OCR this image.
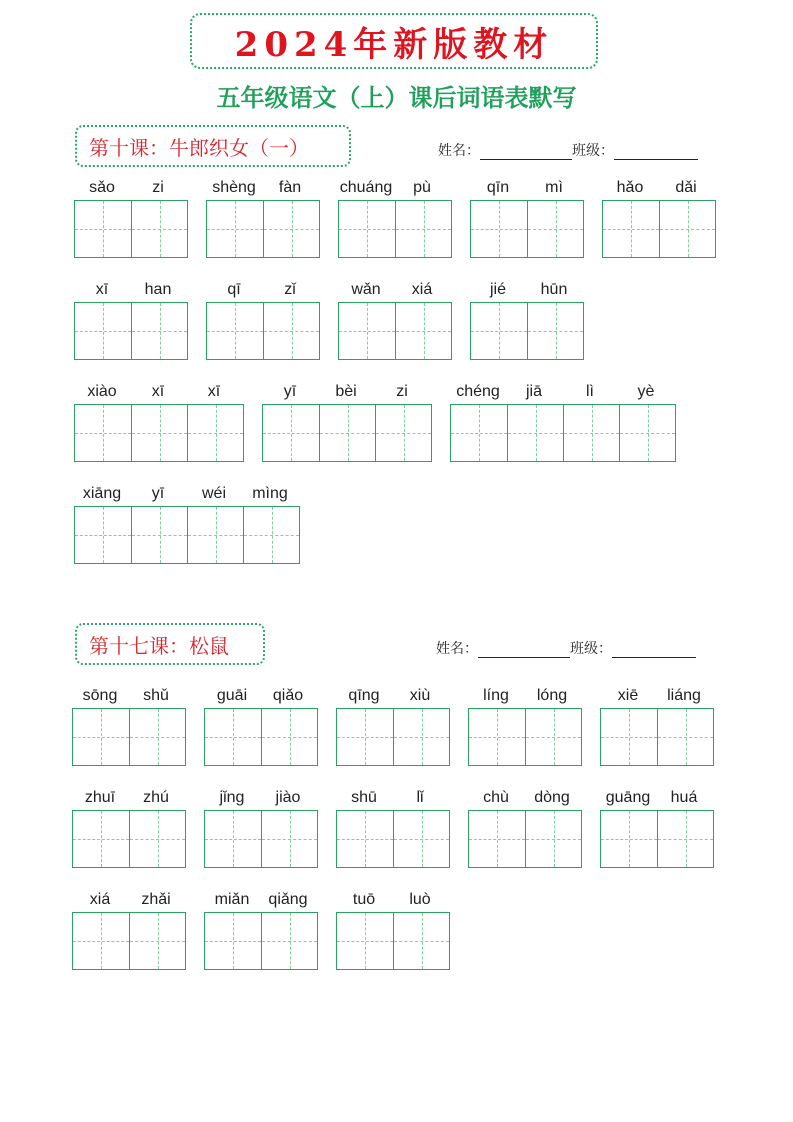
2024年新版教材
五年级语文（上）课后词语表默写
第十课：牛郎织女（一）	姓名：	班级：
第十七课：松鼠	姓名：	班级：
sǎo	zi	shèng	fàn	chuáng	pù	qīn	mì	hǎo	dǎi
xī	han	qī	zǐ	wǎn	xiá	jié	hūn
xiào	xī	xī	yī	bèi	zi	chéng	jiā	lì	yè
xiāng	yī	wéi	mìng
sōng	shǔ	guāi	qiǎo	qīng	xiù	líng	lóng	xiē	liáng
zhuī	zhú	jǐng	jiào	shū	lǐ	chù	dòng	guāng	huá
xiá	zhǎi	miǎn	qiǎng	tuō	luò
